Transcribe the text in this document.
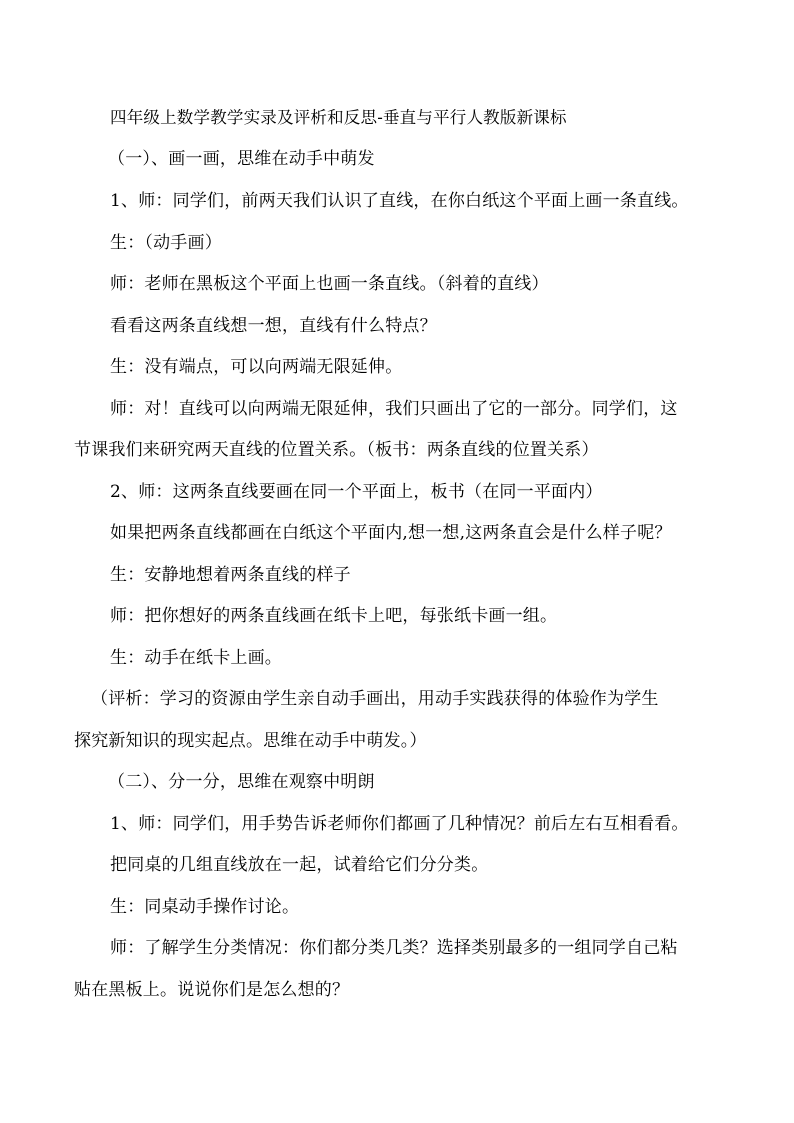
四年级上数学教学实录及评析和反思-垂直与平行人教版新课标
（一）、画一画，思维在动手中萌发
1、师：同学们，前两天我们认识了直线，在你白纸这个平面上画一条直线。
生：（动手画）
师：老师在黑板这个平面上也画一条直线。（斜着的直线）
看看这两条直线想一想，直线有什么特点？
生：没有端点，可以向两端无限延伸。
师：对！直线可以向两端无限延伸，我们只画出了它的一部分。同学们，这
节课我们来研究两天直线的位置关系。（板书：两条直线的位置关系）
2、师：这两条直线要画在同一个平面上，板书（在同一平面内）
如果把两条直线都画在白纸这个平面内,想一想,这两条直会是什么样子呢？
生：安静地想着两条直线的样子
师：把你想好的两条直线画在纸卡上吧，每张纸卡画一组。
生：动手在纸卡上画。
（评析：学习的资源由学生亲自动手画出，用动手实践获得的体验作为学生
探究新知识的现实起点。思维在动手中萌发。）
（二）、分一分，思维在观察中明朗
1、师：同学们，用手势告诉老师你们都画了几种情况？前后左右互相看看。
把同桌的几组直线放在一起，试着给它们分分类。
生：同桌动手操作讨论。
师：了解学生分类情况：你们都分类几类？选择类别最多的一组同学自己粘
贴在黑板上。说说你们是怎么想的？
